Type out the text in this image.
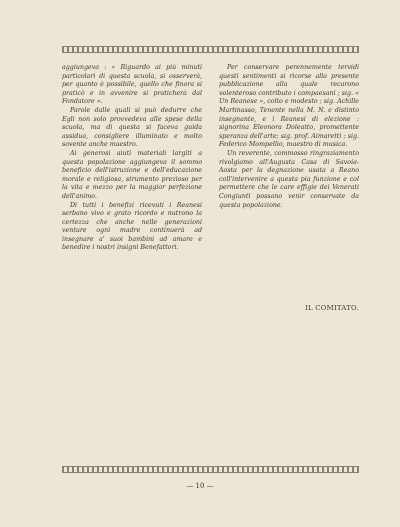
aggiungeva : « Riguardo ai più minuti particolari di questa scuola, si osserverà, per quanto è possibile, quello che finora si praticò e in avvenire si praticherà dal Fondatore ».

Parole dalle quali si può dedurre che Egli non solo provvedeva alle spese della scuola, ma di questa si faceva guida assidua, consigliere illuminato e molto sovente anche maestro.

Ai generosi aiuti materiali largiti a questa popolazione aggiungeva il sommo beneficio dell'istruzione e dell'educazione morale e religiosa, strumento prezioso per la vita e mezzo per la maggior perfezione dell'animo.

Di tutti i benefizi ricevuti i Reanesi serbano vivo e grato ricordo e nutrono la certezza che anche nelle generazioni venture ogni madre continuerà ad insegnare a' suoi bambini ad amare e benedire i nostri insigni Benefattori.

Per conservare perennemente tervidi questi sentimenti si ricorse alla presente pubblicazione alla quale recarono volenteroso contributo i compaesani ; sig. « Un Reanese », colto e modesto ; sig. Achille Martinasso, Tenente nella M. N. e distinto insegnante, e i Reanesi di elezione : signorina Eleonora Doleatto, promettente speranza dell'arte; sig. prof. Aimaretti ; sig. Federico Mompellio, maestro di musica.

Un reverente, commosso ringraziamento rivolgiamo all'Augusta Casa di Savoia-Aosta per la degnazione usata a Reano coll'intervenire a questa pia funzione e col permettere che le care effigie dei Venerati Congiunti possano venir conservate da questa popolazione.

IL COMITATO.
— 10 —
